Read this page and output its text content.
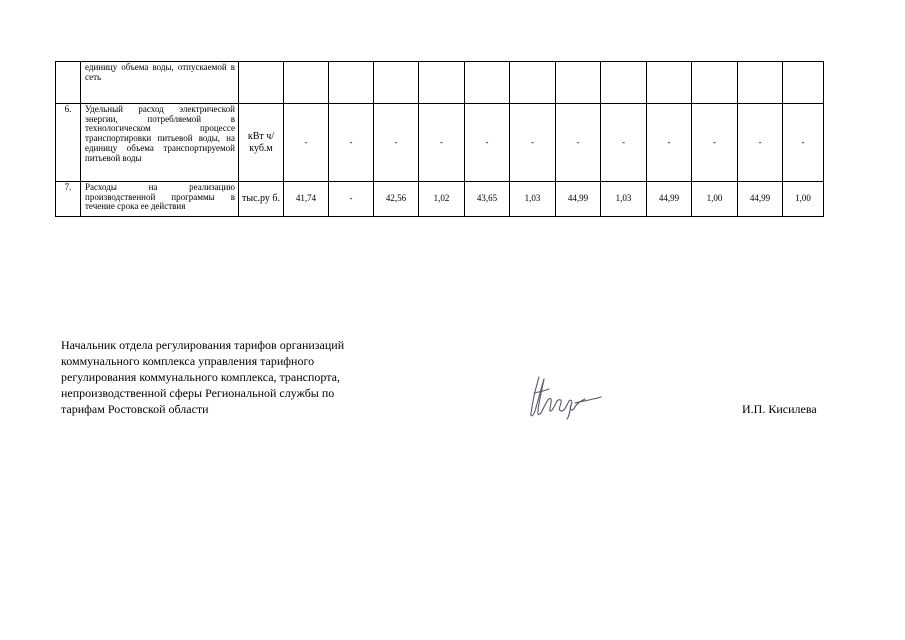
	единицу объема воды, отпускаемой в сеть													
6.	Удельный расход электрической энергии, потребляемой в технологическом процессе транспортировки питьевой воды, на единицу объема транспортируемой питьевой воды	кВт ч/куб.м	-	-	-	-	-	-	-	-	-	-	-	-
7.	Расходы на реализацию производственной программы в течение срока ее действия	тыс.ру б.	41,74	-	42,56	1,02	43,65	1,03	44,99	1,03	44,99	1,00	44,99	1,00
Начальник отдела регулирования тарифов организаций
коммунального комплекса управления тарифного
регулирования коммунального комплекса, транспорта,
непроизводственной сферы Региональной службы по
тарифам Ростовской области	И.П. Кисилева
